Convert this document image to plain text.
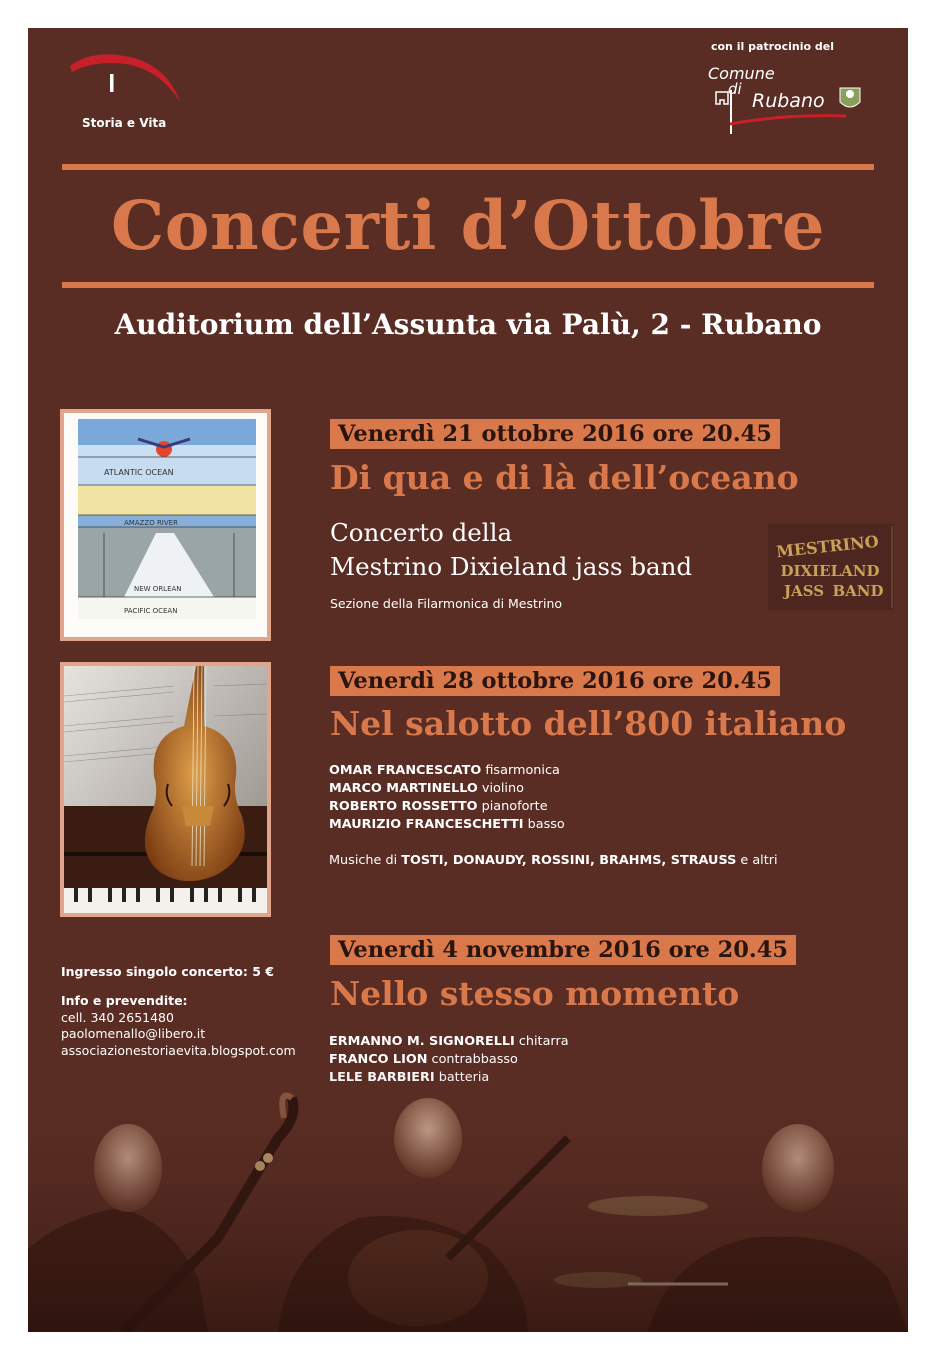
Storia e Vita
con il patrocinio del
Comune
di
Rubano
Concerti d’Ottobre
Auditorium dell’Assunta via Palù, 2 - Rubano
ATLANTIC OCEAN
AMAZZO RIVER
NEW ORLEAN
PACIFIC OCEAN
Venerdì 21 ottobre 2016 ore 20.45
Di qua e di là dell’oceano
Concerto della
Mestrino Dixieland jass band
Sezione della Filarmonica di Mestrino
MESTRINO
DIXIELAND
JASS BAND
Venerdì 28 ottobre 2016 ore 20.45
Nel salotto dell’800 italiano
OMAR FRANCESCATO fisarmonica
MARCO MARTINELLO violino
ROBERTO ROSSETTO pianoforte
MAURIZIO FRANCESCHETTI basso
Musiche di TOSTI, DONAUDY, ROSSINI, BRAHMS, STRAUSS e altri
Venerdì 4 novembre 2016 ore 20.45
Nello stesso momento
ERMANNO M. SIGNORELLI chitarra
Ingresso singolo concerto: 5 €
Info e prevendite:
cell. 340 2651480
paolomenallo@libero.it
associazionestoriaevita.blogspot.com
